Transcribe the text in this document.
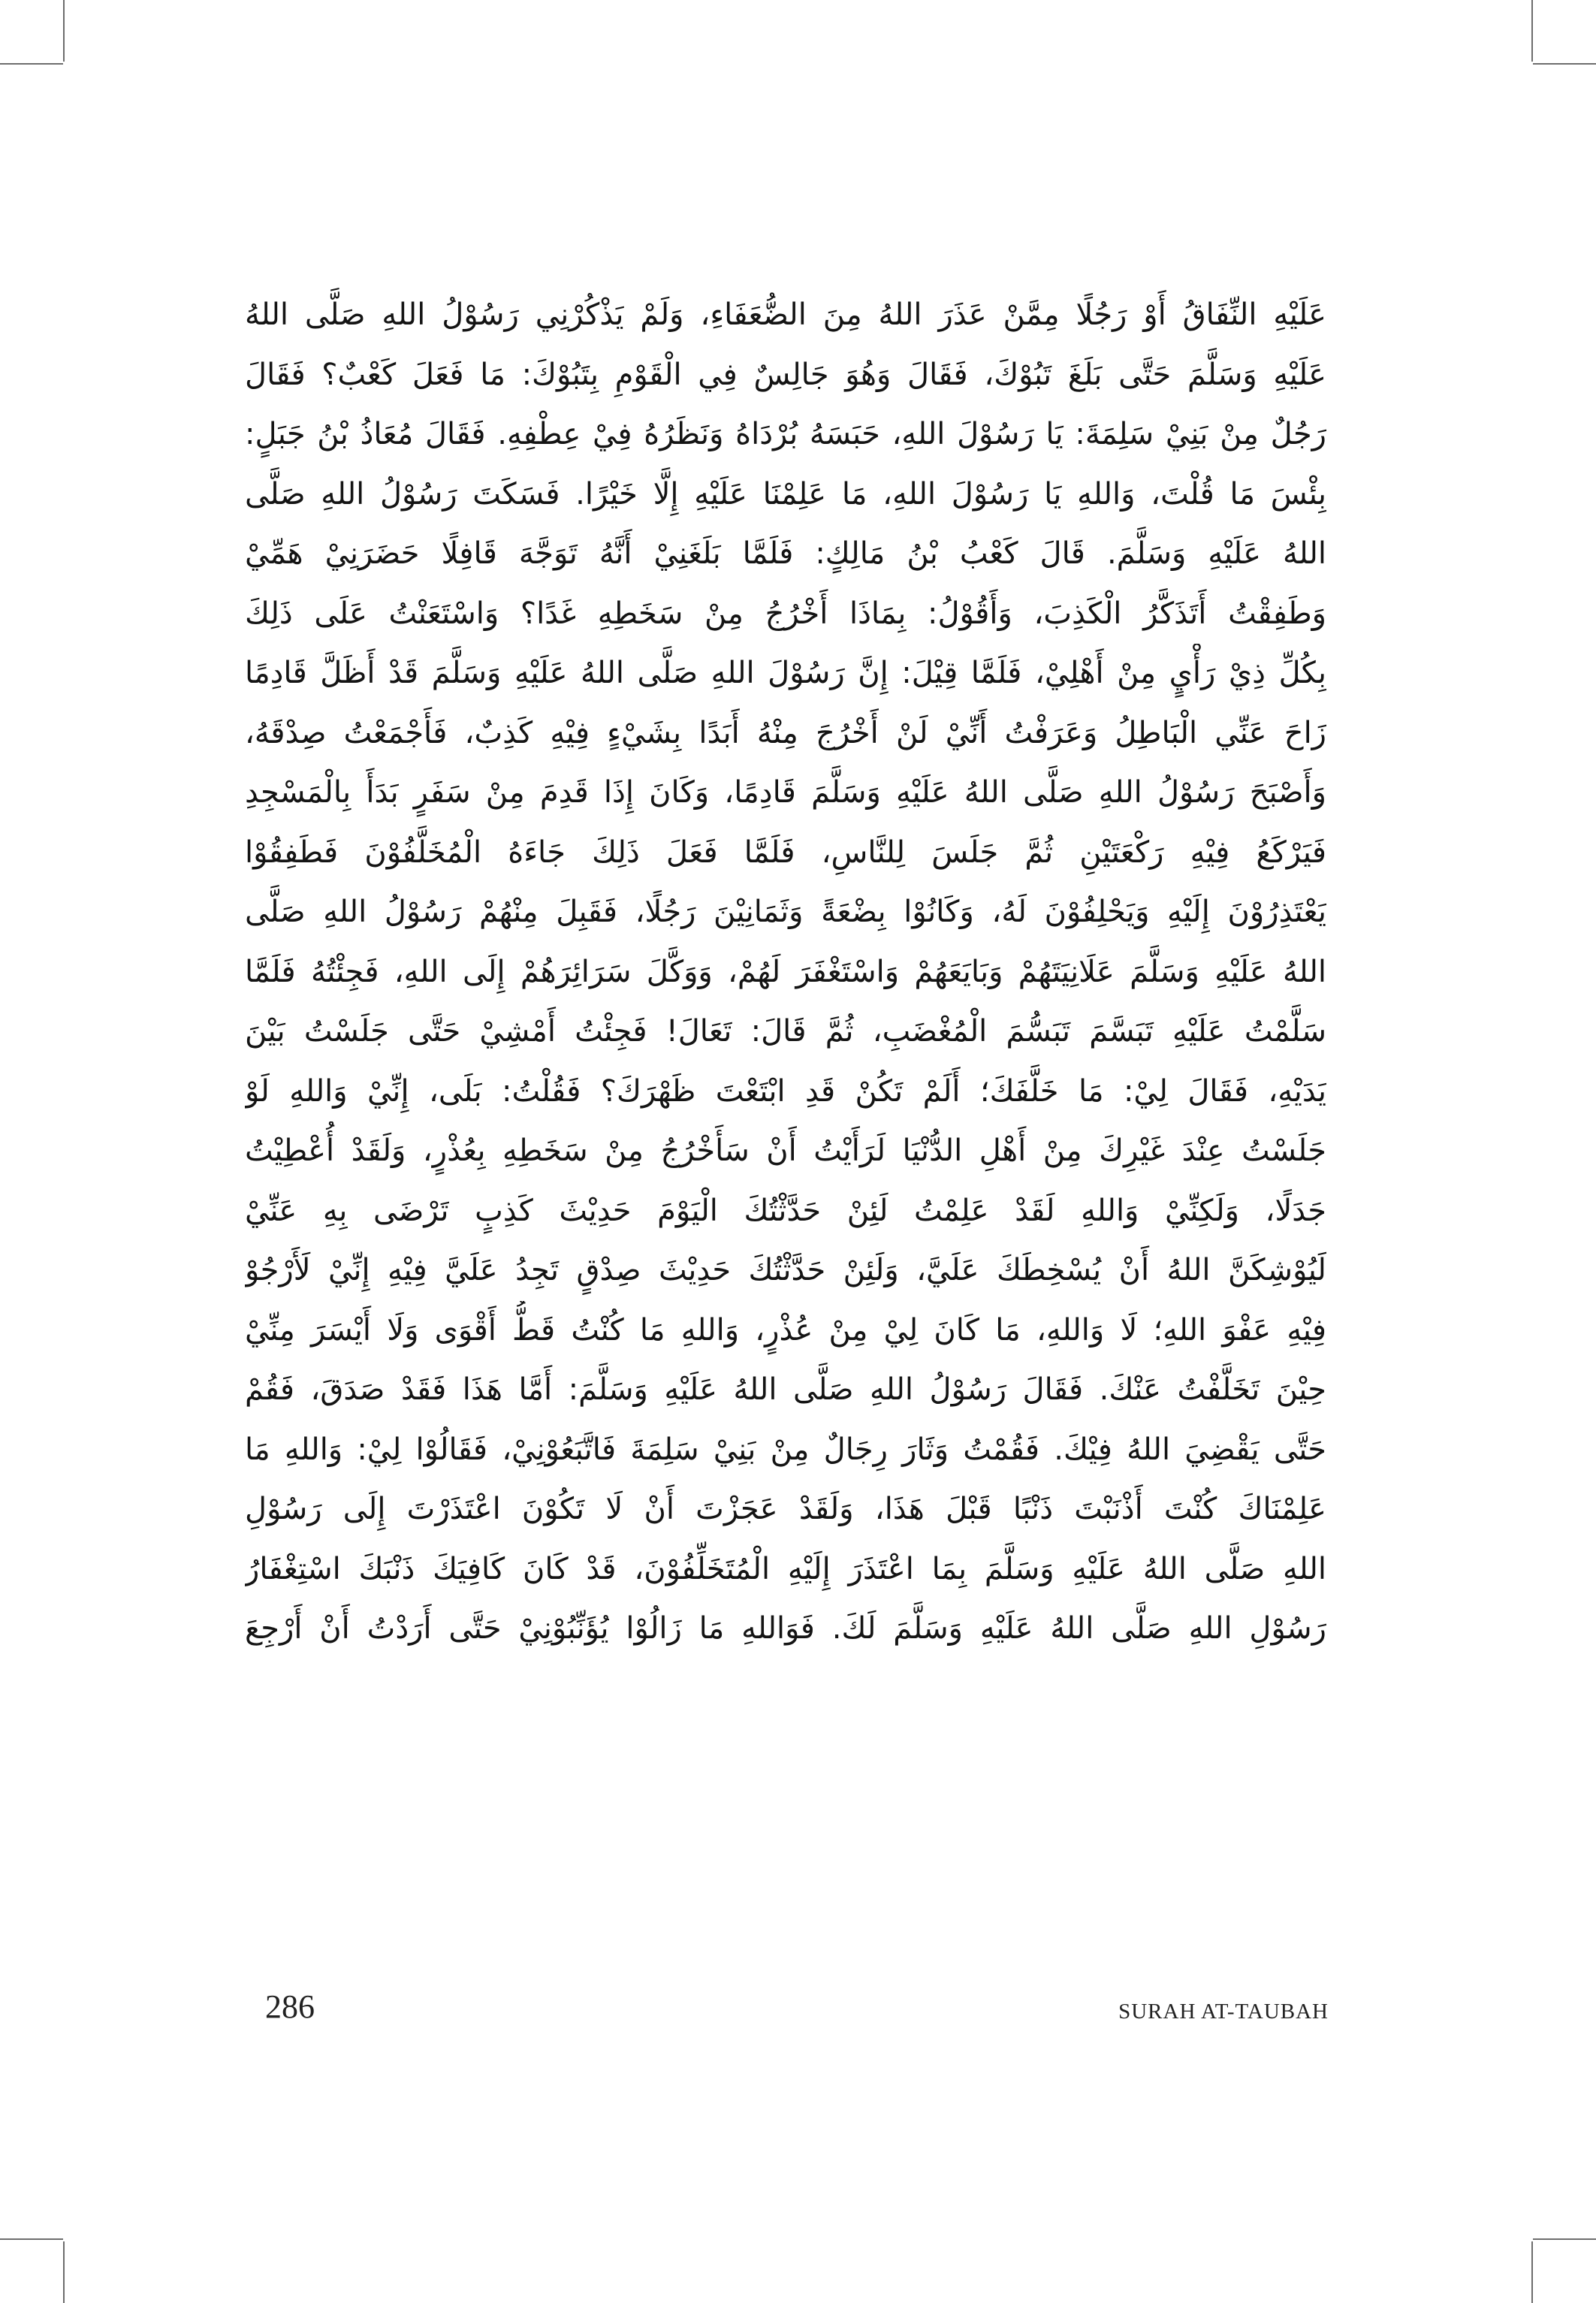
عَلَيْهِ النِّفَاقُ أَوْ رَجُلًا مِمَّنْ عَذَرَ اللهُ مِنَ الضُّعَفَاءِ، وَلَمْ يَذْكُرْنِي رَسُوْلُ اللهِ صَلَّى اللهُ
عَلَيْهِ وَسَلَّمَ حَتَّى بَلَغَ تَبُوْكَ، فَقَالَ وَهُوَ جَالِسٌ فِي الْقَوْمِ بِتَبُوْكَ: مَا فَعَلَ كَعْبٌ؟ فَقَالَ
رَجُلٌ مِنْ بَنِيْ سَلِمَةَ: يَا رَسُوْلَ اللهِ، حَبَسَهُ بُرْدَاهُ وَنَظَرُهُ فِيْ عِطْفِهِ. فَقَالَ مُعَاذُ بْنُ جَبَلٍ:
بِئْسَ مَا قُلْتَ، وَاللهِ يَا رَسُوْلَ اللهِ، مَا عَلِمْنَا عَلَيْهِ إِلَّا خَيْرًا. فَسَكَتَ رَسُوْلُ اللهِ صَلَّى
اللهُ عَلَيْهِ وَسَلَّمَ. قَالَ كَعْبُ بْنُ مَالِكٍ: فَلَمَّا بَلَغَنِيْ أَنَّهُ تَوَجَّهَ قَافِلًا حَضَرَنِيْ هَمِّيْ
وَطَفِقْتُ أَتَذَكَّرُ الْكَذِبَ، وَأَقُوْلُ: بِمَاذَا أَخْرُجُ مِنْ سَخَطِهِ غَدًا؟ وَاسْتَعَنْتُ عَلَى ذَلِكَ
بِكُلِّ ذِيْ رَأْيٍ مِنْ أَهْلِيْ، فَلَمَّا قِيْلَ: إِنَّ رَسُوْلَ اللهِ صَلَّى اللهُ عَلَيْهِ وَسَلَّمَ قَدْ أَظَلَّ قَادِمًا
زَاحَ عَنِّي الْبَاطِلُ وَعَرَفْتُ أَنِّيْ لَنْ أَخْرُجَ مِنْهُ أَبَدًا بِشَيْءٍ فِيْهِ كَذِبٌ، فَأَجْمَعْتُ صِدْقَهُ،
وَأَصْبَحَ رَسُوْلُ اللهِ صَلَّى اللهُ عَلَيْهِ وَسَلَّمَ قَادِمًا، وَكَانَ إِذَا قَدِمَ مِنْ سَفَرٍ بَدَأَ بِالْمَسْجِدِ
فَيَرْكَعُ فِيْهِ رَكْعَتَيْنِ ثُمَّ جَلَسَ لِلنَّاسِ، فَلَمَّا فَعَلَ ذَلِكَ جَاءَهُ الْمُخَلَّفُوْنَ فَطَفِقُوْا
يَعْتَذِرُوْنَ إِلَيْهِ وَيَحْلِفُوْنَ لَهُ، وَكَانُوْا بِضْعَةً وَثَمَانِيْنَ رَجُلًا، فَقَبِلَ مِنْهُمْ رَسُوْلُ اللهِ صَلَّى
اللهُ عَلَيْهِ وَسَلَّمَ عَلَانِيَتَهُمْ وَبَايَعَهُمْ وَاسْتَغْفَرَ لَهُمْ، وَوَكَّلَ سَرَائِرَهُمْ إِلَى اللهِ، فَجِئْتُهُ فَلَمَّا
سَلَّمْتُ عَلَيْهِ تَبَسَّمَ تَبَسُّمَ الْمُغْضَبِ، ثُمَّ قَالَ: تَعَالَ! فَجِئْتُ أَمْشِيْ حَتَّى جَلَسْتُ بَيْنَ
يَدَيْهِ، فَقَالَ لِيْ: مَا خَلَّفَكَ؛ أَلَمْ تَكُنْ قَدِ ابْتَعْتَ ظَهْرَكَ؟ فَقُلْتُ: بَلَى، إِنِّيْ وَاللهِ لَوْ
جَلَسْتُ عِنْدَ غَيْرِكَ مِنْ أَهْلِ الدُّنْيَا لَرَأَيْتُ أَنْ سَأَخْرُجُ مِنْ سَخَطِهِ بِعُذْرٍ، وَلَقَدْ أُعْطِيْتُ
جَدَلًا، وَلَكِنِّيْ وَاللهِ لَقَدْ عَلِمْتُ لَئِنْ حَدَّثْتُكَ الْيَوْمَ حَدِيْثَ كَذِبٍ تَرْضَى بِهِ عَنِّيْ
لَيُوْشِكَنَّ اللهُ أَنْ يُسْخِطَكَ عَلَيَّ، وَلَئِنْ حَدَّثْتُكَ حَدِيْثَ صِدْقٍ تَجِدُ عَلَيَّ فِيْهِ إِنِّيْ لَأَرْجُوْ
فِيْهِ عَفْوَ اللهِ؛ لَا وَاللهِ، مَا كَانَ لِيْ مِنْ عُذْرٍ، وَاللهِ مَا كُنْتُ قَطُّ أَقْوَى وَلَا أَيْسَرَ مِنِّيْ
حِيْنَ تَخَلَّفْتُ عَنْكَ. فَقَالَ رَسُوْلُ اللهِ صَلَّى اللهُ عَلَيْهِ وَسَلَّمَ: أَمَّا هَذَا فَقَدْ صَدَقَ، فَقُمْ
حَتَّى يَقْضِيَ اللهُ فِيْكَ. فَقُمْتُ وَثَارَ رِجَالٌ مِنْ بَنِيْ سَلِمَةَ فَاتَّبَعُوْنِيْ، فَقَالُوْا لِيْ: وَاللهِ مَا
عَلِمْنَاكَ كُنْتَ أَذْنَبْتَ ذَنْبًا قَبْلَ هَذَا، وَلَقَدْ عَجَزْتَ أَنْ لَا تَكُوْنَ اعْتَذَرْتَ إِلَى رَسُوْلِ
اللهِ صَلَّى اللهُ عَلَيْهِ وَسَلَّمَ بِمَا اعْتَذَرَ إِلَيْهِ الْمُتَخَلِّفُوْنَ، قَدْ كَانَ كَافِيَكَ ذَنْبَكَ اسْتِغْفَارُ
رَسُوْلِ اللهِ صَلَّى اللهُ عَلَيْهِ وَسَلَّمَ لَكَ. فَوَاللهِ مَا زَالُوْا يُؤَنِّبُوْنِيْ حَتَّى أَرَدْتُ أَنْ أَرْجِعَ
286	SURAH AT-TAUBAH
